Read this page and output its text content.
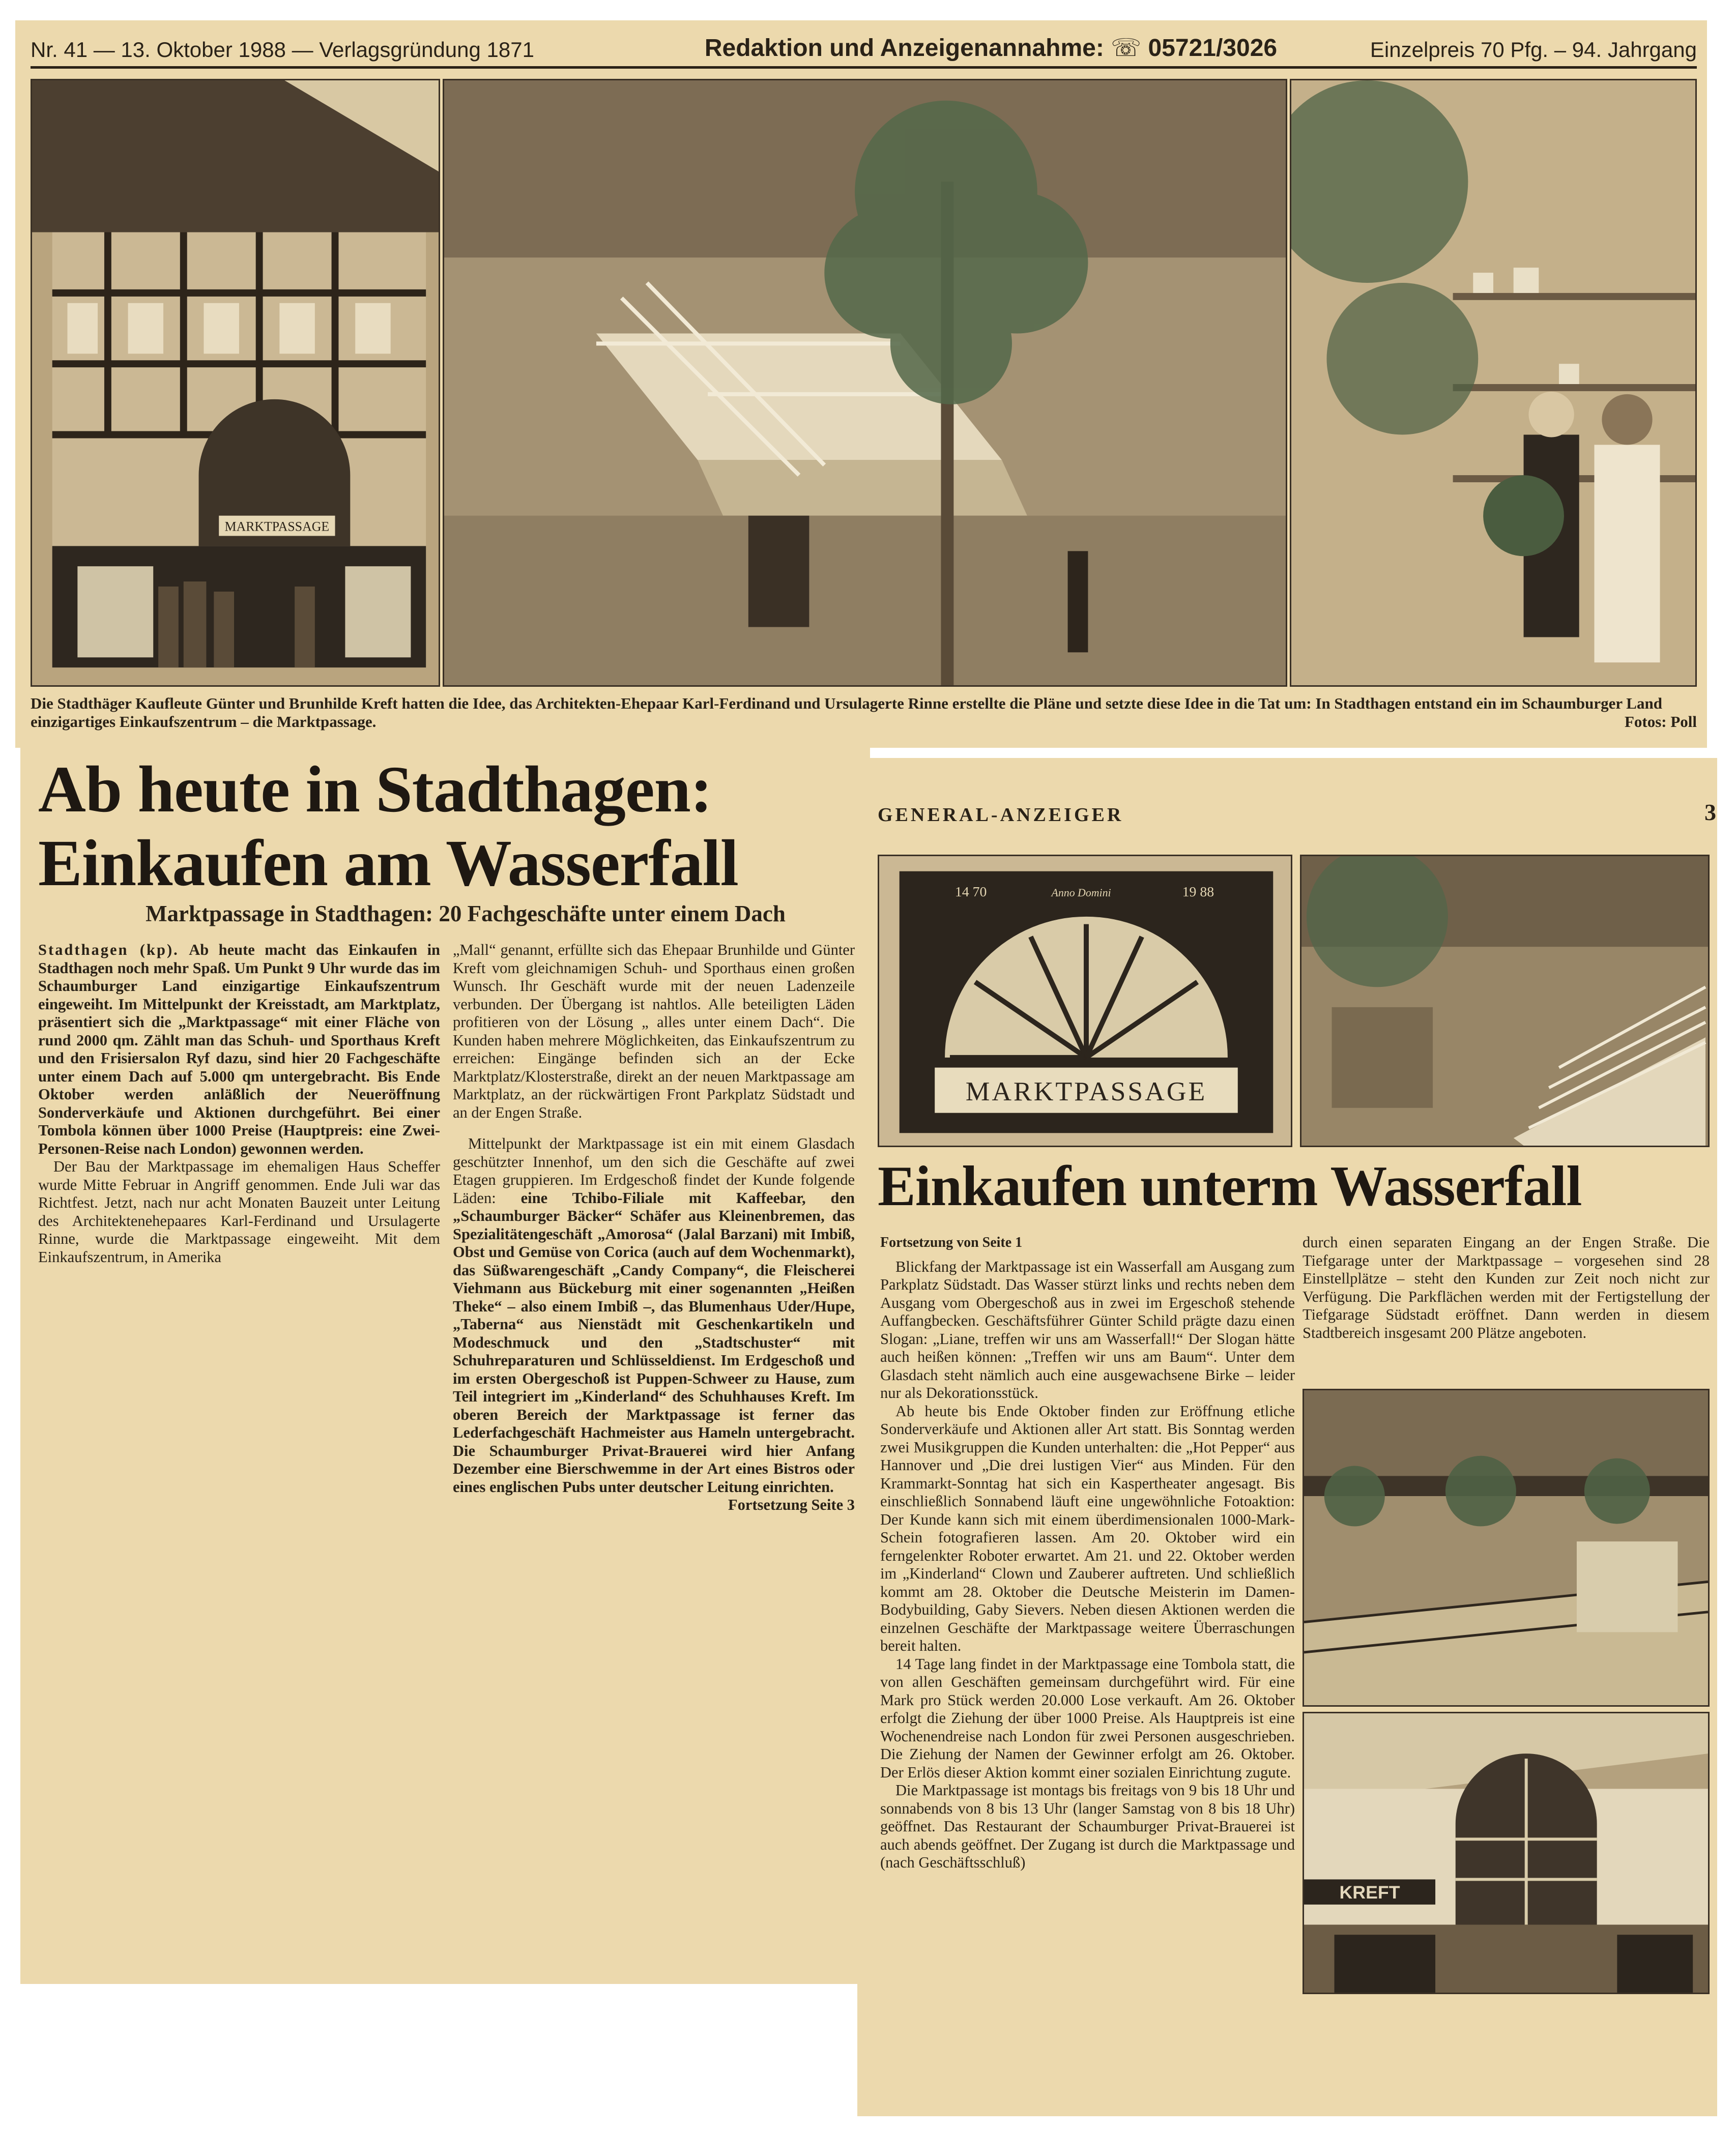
Nr. 41 — 13. Oktober 1988 — Verlagsgründung 1871	Redaktion und Anzeigenannahme: ☏ 05721/3026	Einzelpreis 70 Pfg. – 94. Jahrgang
MARKTPASSAGE
Die Stadthäger Kaufleute Günter und Brunhilde Kreft hatten die Idee, das Architekten-Ehepaar Karl-Ferdinand und Ursulagerte Rinne erstellte die Pläne und setzte diese Idee in die Tat um: In Stadthagen entstand ein im Schaumburger Land einzigartiges Einkaufszentrum – die Marktpassage.	Fotos: Poll
Ab heute in Stadthagen: Einkaufen am Wasserfall
Marktpassage in Stadthagen: 20 Fachgeschäfte unter einem Dach

Stadthagen (kp). Ab heute macht das Einkaufen in Stadthagen noch mehr Spaß. Um Punkt 9 Uhr wurde das im Schaumburger Land einzigartige Einkaufszentrum eingeweiht. Im Mittelpunkt der Kreisstadt, am Marktplatz, präsentiert sich die „Marktpassage“ mit einer Fläche von rund 2000 qm. Zählt man das Schuh- und Sporthaus Kreft und den Frisiersalon Ryf dazu, sind hier 20 Fachgeschäfte unter einem Dach auf 5.000 qm untergebracht. Bis Ende Oktober werden anläßlich der Neueröffnung Sonderverkäufe und Aktionen durchgeführt. Bei einer Tombola können über 1000 Preise (Hauptpreis: eine Zwei-Personen-Reise nach London) gewonnen werden.

Der Bau der Marktpassage im ehemaligen Haus Scheffer wurde Mitte Februar in Angriff genommen. Ende Juli war das Richtfest. Jetzt, nach nur acht Monaten Bauzeit unter Leitung des Architektenehepaares Karl-Ferdinand und Ursulagerte Rinne, wurde die Marktpassage eingeweiht. Mit dem Einkaufszentrum, in Amerika

„Mall“ genannt, erfüllte sich das Ehepaar Brunhilde und Günter Kreft vom gleichnamigen Schuh- und Sporthaus einen großen Wunsch. Ihr Geschäft wurde mit der neuen Ladenzeile verbunden. Der Übergang ist nahtlos. Alle beteiligten Läden profitieren von der Lösung „ alles unter einem Dach“. Die Kunden haben mehrere Möglichkeiten, das Einkaufszentrum zu erreichen: Eingänge befinden sich an der Ecke Marktplatz/Klosterstraße, direkt an der neuen Marktpassage am Marktplatz, an der rückwärtigen Front Parkplatz Südstadt und an der Engen Straße.

Mittelpunkt der Marktpassage ist ein mit einem Glasdach geschützter Innenhof, um den sich die Geschäfte auf zwei Etagen gruppieren. Im Erdgeschoß findet der Kunde folgende Läden: eine Tchibo-Filiale mit Kaffeebar, den „Schaumburger Bäcker“ Schäfer aus Kleinenbremen, das Spezialitätengeschäft „Amorosa“ (Jalal Barzani) mit Imbiß, Obst und Gemüse von Corica (auch auf dem Wochenmarkt), das Süßwarengeschäft „Candy Company“, die Fleischerei Viehmann aus Bückeburg mit einer sogenannten „Heißen Theke“ – also einem Imbiß –, das Blumenhaus Uder/Hupe, „Taberna“ aus Nienstädt mit Geschenkartikeln und Modeschmuck und den „Stadtschuster“ mit Schuhreparaturen und Schlüsseldienst. Im Erdgeschoß und im ersten Obergeschoß ist Puppen-Schweer zu Hause, zum Teil integriert im „Kinderland“ des Schuhhauses Kreft. Im oberen Bereich der Marktpassage ist ferner das Lederfachgeschäft Hachmeister aus Hameln untergebracht. Die Schaumburger Privat-Brauerei wird hier Anfang Dezember eine Bierschwemme in der Art eines Bistros oder eines englischen Pubs unter deutscher Leitung einrichten.

Fortsetzung Seite 3

GENERAL-ANZEIGER	3
14 70	Anno Domini	19 88
MARKTPASSAGE
Einkaufen unterm Wasserfall

Fortsetzung von Seite 1

Blickfang der Marktpassage ist ein Wasserfall am Ausgang zum Parkplatz Südstadt. Das Wasser stürzt links und rechts neben dem Ausgang vom Obergeschoß aus in zwei im Ergeschoß stehende Auffangbecken. Geschäftsführer Günter Schild prägte dazu einen Slogan: „Liane, treffen wir uns am Wasserfall!“ Der Slogan hätte auch heißen können: „Treffen wir uns am Baum“. Unter dem Glasdach steht nämlich auch eine ausgewachsene Birke – leider nur als Dekorationsstück.

Ab heute bis Ende Oktober finden zur Eröffnung etliche Sonderverkäufe und Aktionen aller Art statt. Bis Sonntag werden zwei Musikgruppen die Kunden unterhalten: die „Hot Pepper“ aus Hannover und „Die drei lustigen Vier“ aus Minden. Für den Krammarkt-Sonntag hat sich ein Kaspertheater angesagt. Bis einschließlich Sonnabend läuft eine ungewöhnliche Fotoaktion: Der Kunde kann sich mit einem überdimensionalen 1000-Mark-Schein fotografieren lassen. Am 20. Oktober wird ein ferngelenkter Roboter erwartet. Am 21. und 22. Oktober werden im „Kinderland“ Clown und Zauberer auftreten. Und schließlich kommt am 28. Oktober die Deutsche Meisterin im Damen-Bodybuilding, Gaby Sievers. Neben diesen Aktionen werden die einzelnen Geschäfte der Marktpassage weitere Überraschungen bereit halten.

14 Tage lang findet in der Marktpassage eine Tombola statt, die von allen Geschäften gemeinsam durchgeführt wird. Für eine Mark pro Stück werden 20.000 Lose verkauft. Am 26. Oktober erfolgt die Ziehung der über 1000 Preise. Als Hauptpreis ist eine Wochenendreise nach London für zwei Personen ausgeschrieben. Die Ziehung der Namen der Gewinner erfolgt am 26. Oktober. Der Erlös dieser Aktion kommt einer sozialen Einrichtung zugute.

Die Marktpassage ist montags bis freitags von 9 bis 18 Uhr und sonnabends von 8 bis 13 Uhr (langer Samstag von 8 bis 18 Uhr) geöffnet. Das Restaurant der Schaumburger Privat-Brauerei ist auch abends geöffnet. Der Zugang ist durch die Marktpassage und (nach Geschäftsschluß)

durch einen separaten Eingang an der Engen Straße. Die Tiefgarage unter der Marktpassage – vorgesehen sind 28 Einstellplätze – steht den Kunden zur Zeit noch nicht zur Verfügung. Die Parkflächen werden mit der Fertigstellung der Tiefgarage Südstadt eröffnet. Dann werden in diesem Stadtbereich insgesamt 200 Plätze angeboten.

KREFT
